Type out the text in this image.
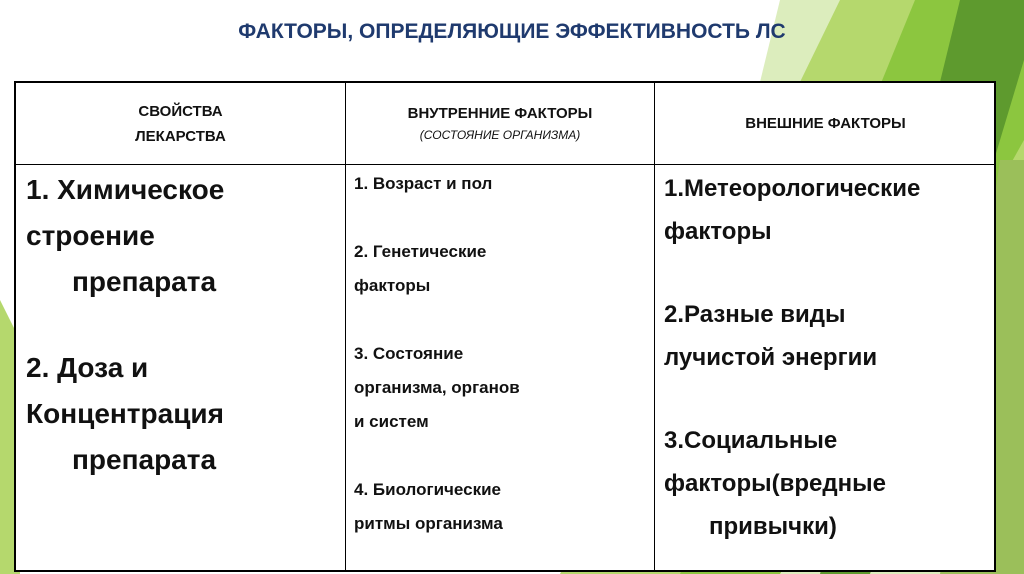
ФАКТОРЫ, ОПРЕДЕЛЯЮЩИЕ ЭФФЕКТИВНОСТЬ ЛС
СВОЙСТВА
ЛЕКАРСТВА
ВНУТРЕННИЕ ФАКТОРЫ
(СОСТОЯНИЕ ОРГАНИЗМА)
ВНЕШНИЕ ФАКТОРЫ
1. Химическое
строение
препарата
2. Доза и
Концентрация
препарата
1. Возраст и пол
2. Генетические
факторы
3. Состояние
организма, органов
и систем
4. Биологические
ритмы организма
1.Метеорологические
факторы
2.Разные виды
лучистой энергии
3.Социальные
факторы(вредные
привычки)
